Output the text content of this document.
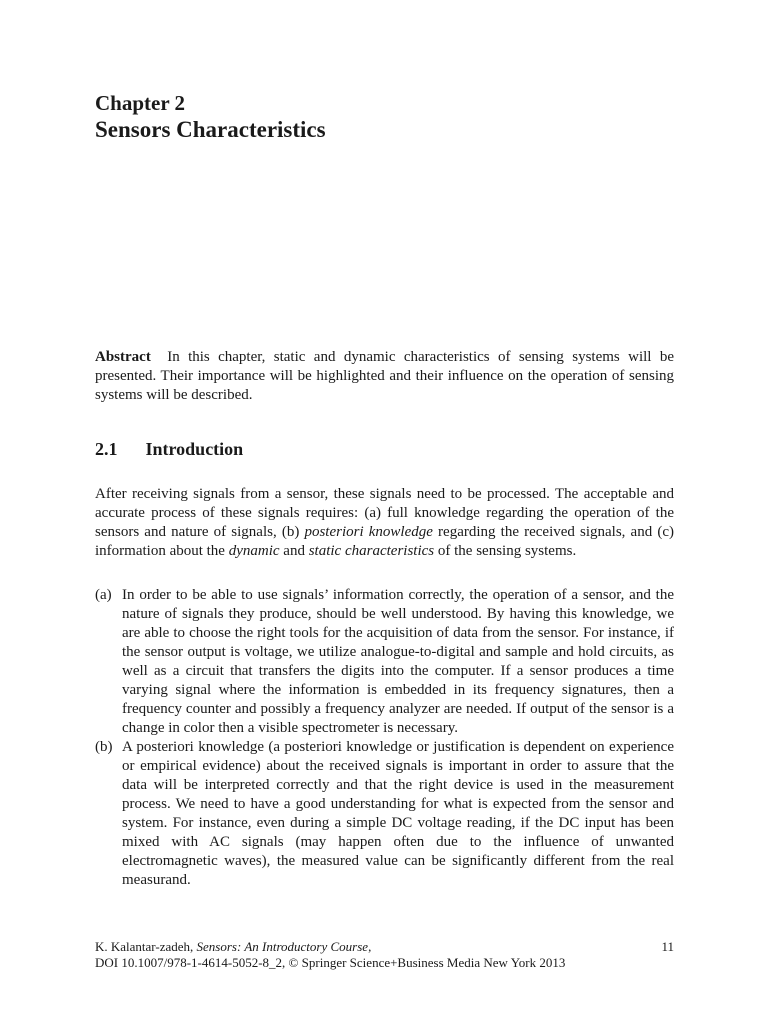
Chapter 2
Sensors Characteristics
Abstract In this chapter, static and dynamic characteristics of sensing systems will be presented. Their importance will be highlighted and their influence on the operation of sensing systems will be described.
2.1 Introduction
After receiving signals from a sensor, these signals need to be processed. The acceptable and accurate process of these signals requires: (a) full knowledge regarding the operation of the sensors and nature of signals, (b) posteriori knowledge regarding the received signals, and (c) information about the dynamic and static characteristics of the sensing systems.
(a) In order to be able to use signals’ information correctly, the operation of a sensor, and the nature of signals they produce, should be well understood. By having this knowledge, we are able to choose the right tools for the acquisition of data from the sensor. For instance, if the sensor output is voltage, we utilize analogue-to-digital and sample and hold circuits, as well as a circuit that transfers the digits into the computer. If a sensor produces a time varying signal where the information is embedded in its frequency signatures, then a frequency counter and possibly a frequency analyzer are needed. If output of the sensor is a change in color then a visible spectrometer is necessary.
(b) A posteriori knowledge (a posteriori knowledge or justification is dependent on experience or empirical evidence) about the received signals is important in order to assure that the data will be interpreted correctly and that the right device is used in the measurement process. We need to have a good understanding for what is expected from the sensor and system. For instance, even during a simple DC voltage reading, if the DC input has been mixed with AC signals (may happen often due to the influence of unwanted electromagnetic waves), the measured value can be significantly different from the real measurand.
K. Kalantar-zadeh, Sensors: An Introductory Course,	11
DOI 10.1007/978-1-4614-5052-8_2, © Springer Science+Business Media New York 2013
